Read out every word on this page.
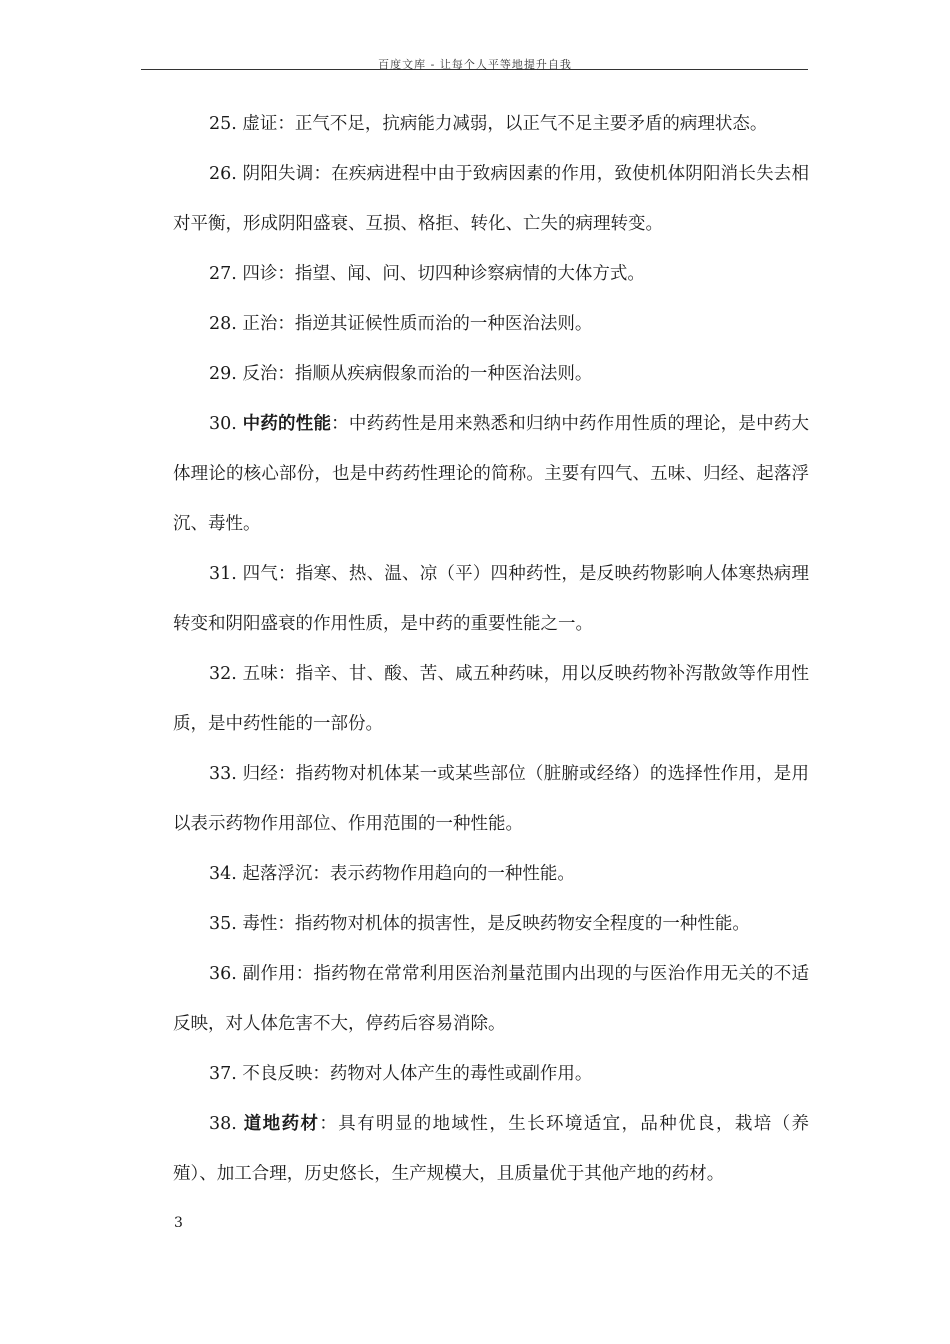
百度文库 - 让每个人平等地提升自我

25. 虚证：正气不足，抗病能力减弱，以正气不足主要矛盾的病理状态。

26. 阴阳失调：在疾病进程中由于致病因素的作用，致使机体阴阳消长失去相对平衡，形成阴阳盛衰、互损、格拒、转化、亡失的病理转变。

27. 四诊：指望、闻、问、切四种诊察病情的大体方式。

28. 正治：指逆其证候性质而治的一种医治法则。

29. 反治：指顺从疾病假象而治的一种医治法则。

30. 中药的性能：中药药性是用来熟悉和归纳中药作用性质的理论，是中药大体理论的核心部份，也是中药药性理论的简称。主要有四气、五味、归经、起落浮沉、毒性。

31. 四气：指寒、热、温、凉（平）四种药性，是反映药物影响人体寒热病理转变和阴阳盛衰的作用性质，是中药的重要性能之一。

32. 五味：指辛、甘、酸、苦、咸五种药味，用以反映药物补泻散敛等作用性质，是中药性能的一部份。

33. 归经：指药物对机体某一或某些部位（脏腑或经络）的选择性作用，是用以表示药物作用部位、作用范围的一种性能。

34. 起落浮沉：表示药物作用趋向的一种性能。

35. 毒性：指药物对机体的损害性，是反映药物安全程度的一种性能。

36. 副作用：指药物在常常利用医治剂量范围内出现的与医治作用无关的不适反映，对人体危害不大，停药后容易消除。

37. 不良反映：药物对人体产生的毒性或副作用。

38. 道地药材：具有明显的地域性，生长环境适宜，品种优良，栽培（养殖）、加工合理，历史悠长，生产规模大，且质量优于其他产地的药材。

3
